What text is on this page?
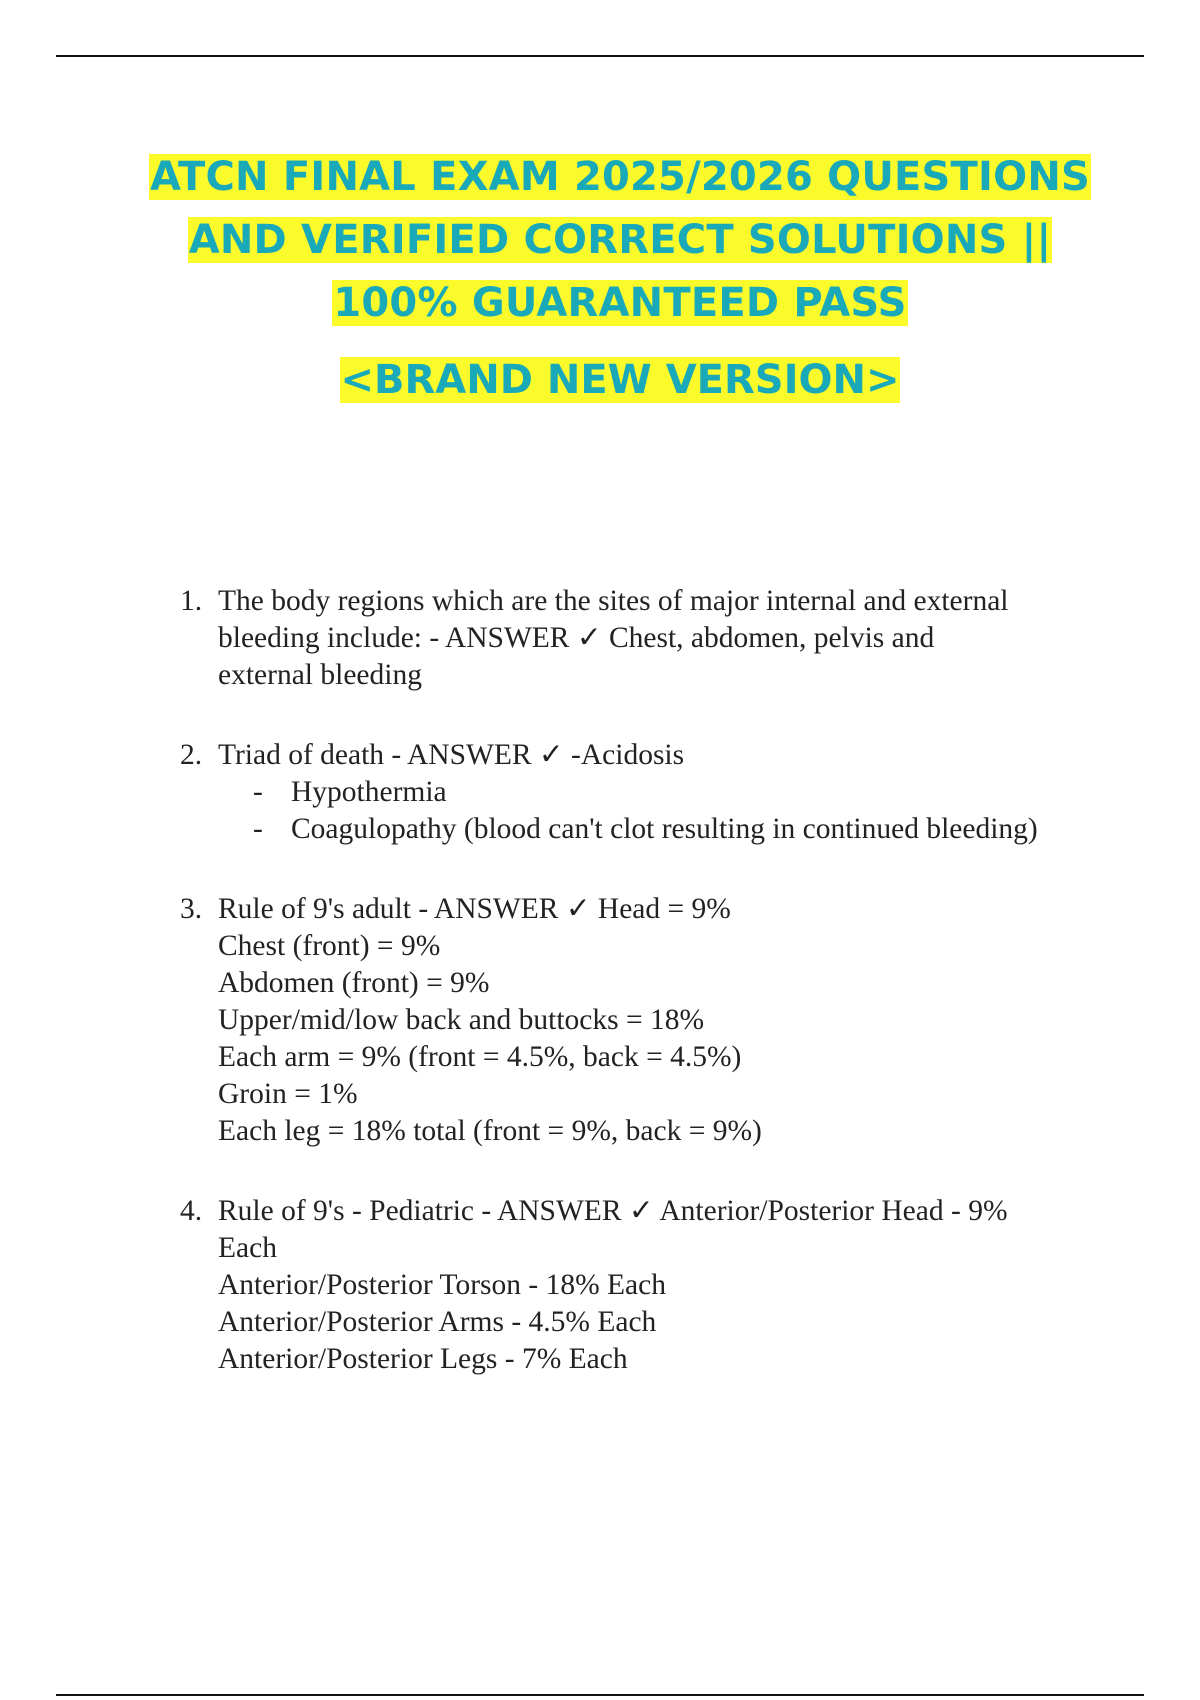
ATCN FINAL EXAM 2025/2026 QUESTIONS
AND VERIFIED CORRECT SOLUTIONS ||
100% GUARANTEED PASS
<BRAND NEW VERSION>
1. The body regions which are the sites of major internal and external
bleeding include: - ANSWER ✓ Chest, abdomen, pelvis and
external bleeding
2. Triad of death - ANSWER ✓ -Acidosis
- Hypothermia
- Coagulopathy (blood can't clot resulting in continued bleeding)
3. Rule of 9's adult - ANSWER ✓ Head = 9%
Chest (front) = 9%
Abdomen (front) = 9%
Upper/mid/low back and buttocks = 18%
Each arm = 9% (front = 4.5%, back = 4.5%)
Groin = 1%
Each leg = 18% total (front = 9%, back = 9%)
4. Rule of 9's - Pediatric - ANSWER ✓ Anterior/Posterior Head - 9%
Each
Anterior/Posterior Torson - 18% Each
Anterior/Posterior Arms - 4.5% Each
Anterior/Posterior Legs - 7% Each
